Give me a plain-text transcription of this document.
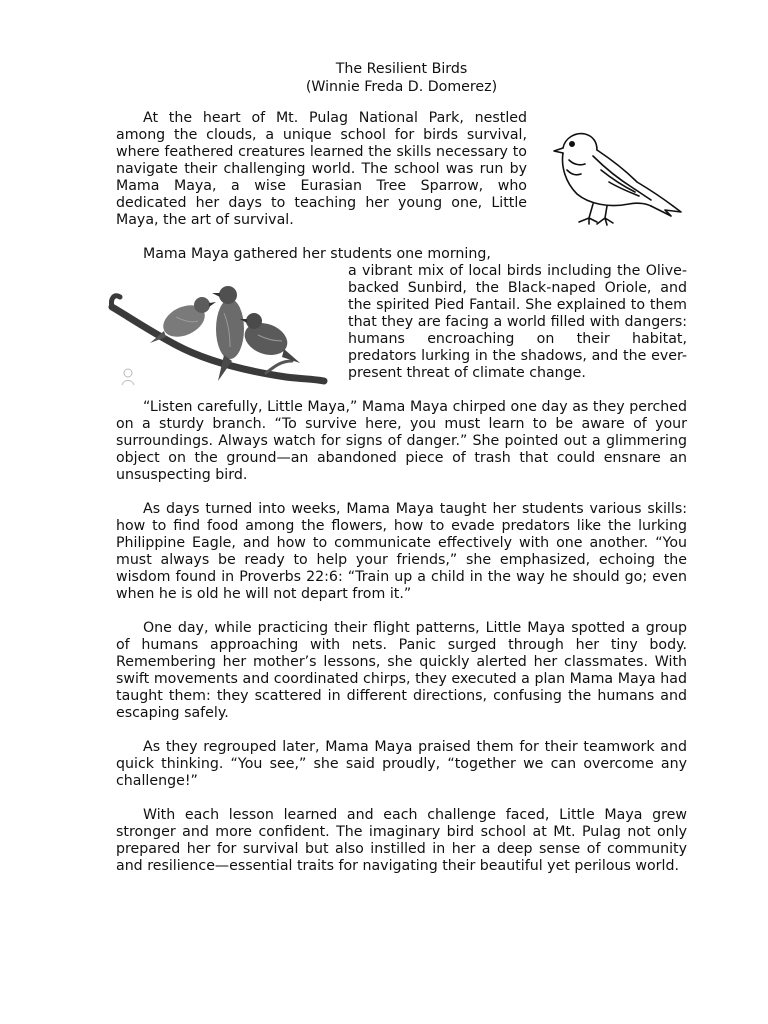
The Resilient Birds
(Winnie Freda D. Domerez)

At the heart of Mt. Pulag National Park, nestled among the clouds, a unique school for birds survival, where feathered creatures learned the skills necessary to navigate their challenging world. The school was run by Mama Maya, a wise Eurasian Tree Sparrow, who dedicated her days to teaching her young one, Little Maya, the art of survival.

Mama Maya gathered her students one morning,

a vibrant mix of local birds including the Olive-backed Sunbird, the Black-naped Oriole, and the spirited Pied Fantail. She explained to them that they are facing a world filled with dangers: humans encroaching on their habitat, predators lurking in the shadows, and the ever-present threat of climate change.

“Listen carefully, Little Maya,” Mama Maya chirped one day as they perched on a sturdy branch. “To survive here, you must learn to be aware of your surroundings. Always watch for signs of danger.” She pointed out a glimmering object on the ground—an abandoned piece of trash that could ensnare an unsuspecting bird.

As days turned into weeks, Mama Maya taught her students various skills: how to find food among the flowers, how to evade predators like the lurking Philippine Eagle, and how to communicate effectively with one another. “You must always be ready to help your friends,” she emphasized, echoing the wisdom found in Proverbs 22:6: “Train up a child in the way he should go; even when he is old he will not depart from it.”

One day, while practicing their flight patterns, Little Maya spotted a group of humans approaching with nets. Panic surged through her tiny body. Remembering her mother’s lessons, she quickly alerted her classmates. With swift movements and coordinated chirps, they executed a plan Mama Maya had taught them: they scattered in different directions, confusing the humans and escaping safely.

As they regrouped later, Mama Maya praised them for their teamwork and quick thinking. “You see,” she said proudly, “together we can overcome any challenge!”

With each lesson learned and each challenge faced, Little Maya grew stronger and more confident. The imaginary bird school at Mt. Pulag not only prepared her for survival but also instilled in her a deep sense of community and resilience—essential traits for navigating their beautiful yet perilous world.
